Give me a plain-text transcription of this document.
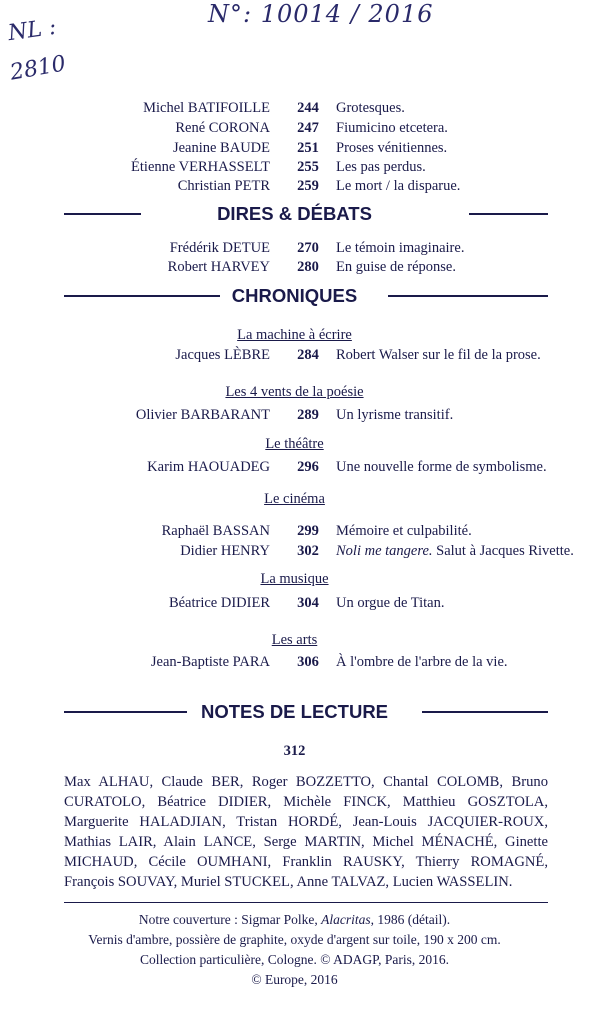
N°: 10014 / 2016
NL :
2810
Michel BATIFOILLE	244	Grotesques.
René CORONA	247	Fiumicino etcetera.
Jeanine BAUDE	251	Proses vénitiennes.
Étienne VERHASSELT	255	Les pas perdus.
Christian PETR	259	Le mort / la disparue.
DIRES & DÉBATS
Frédérik DETUE	270	Le témoin imaginaire.
Robert HARVEY	280	En guise de réponse.
CHRONIQUES
La machine à écrire
Jacques LÈBRE	284	Robert Walser sur le fil de la prose.
Les 4 vents de la poésie
Olivier BARBARANT	289	Un lyrisme transitif.
Le théâtre
Karim HAOUADEG	296	Une nouvelle forme de symbolisme.
Le cinéma
Raphaël BASSAN	299	Mémoire et culpabilité.
Didier HENRY	302	Noli me tangere. Salut à Jacques Rivette.
La musique
Béatrice DIDIER	304	Un orgue de Titan.
Les arts
Jean-Baptiste PARA	306	À l'ombre de l'arbre de la vie.
NOTES DE LECTURE
312
Max ALHAU, Claude BER, Roger BOZZETTO, Chantal COLOMB, Bruno CURATOLO, Béatrice DIDIER, Michèle FINCK, Matthieu GOSZTOLA, Marguerite HALADJIAN, Tristan HORDÉ, Jean-Louis JACQUIER-ROUX, Mathias LAIR, Alain LANCE, Serge MARTIN, Michel MÉNACHÉ, Ginette MICHAUD, Cécile OUMHANI, Franklin RAUSKY, Thierry ROMAGNÉ, François SOUVAY, Muriel STUCKEL, Anne TALVAZ, Lucien WASSELIN.
Notre couverture : Sigmar Polke, Alacritas, 1986 (détail).
Vernis d'ambre, possière de graphite, oxyde d'argent sur toile, 190 x 200 cm.
Collection particulière, Cologne. © ADAGP, Paris, 2016.
© Europe, 2016
